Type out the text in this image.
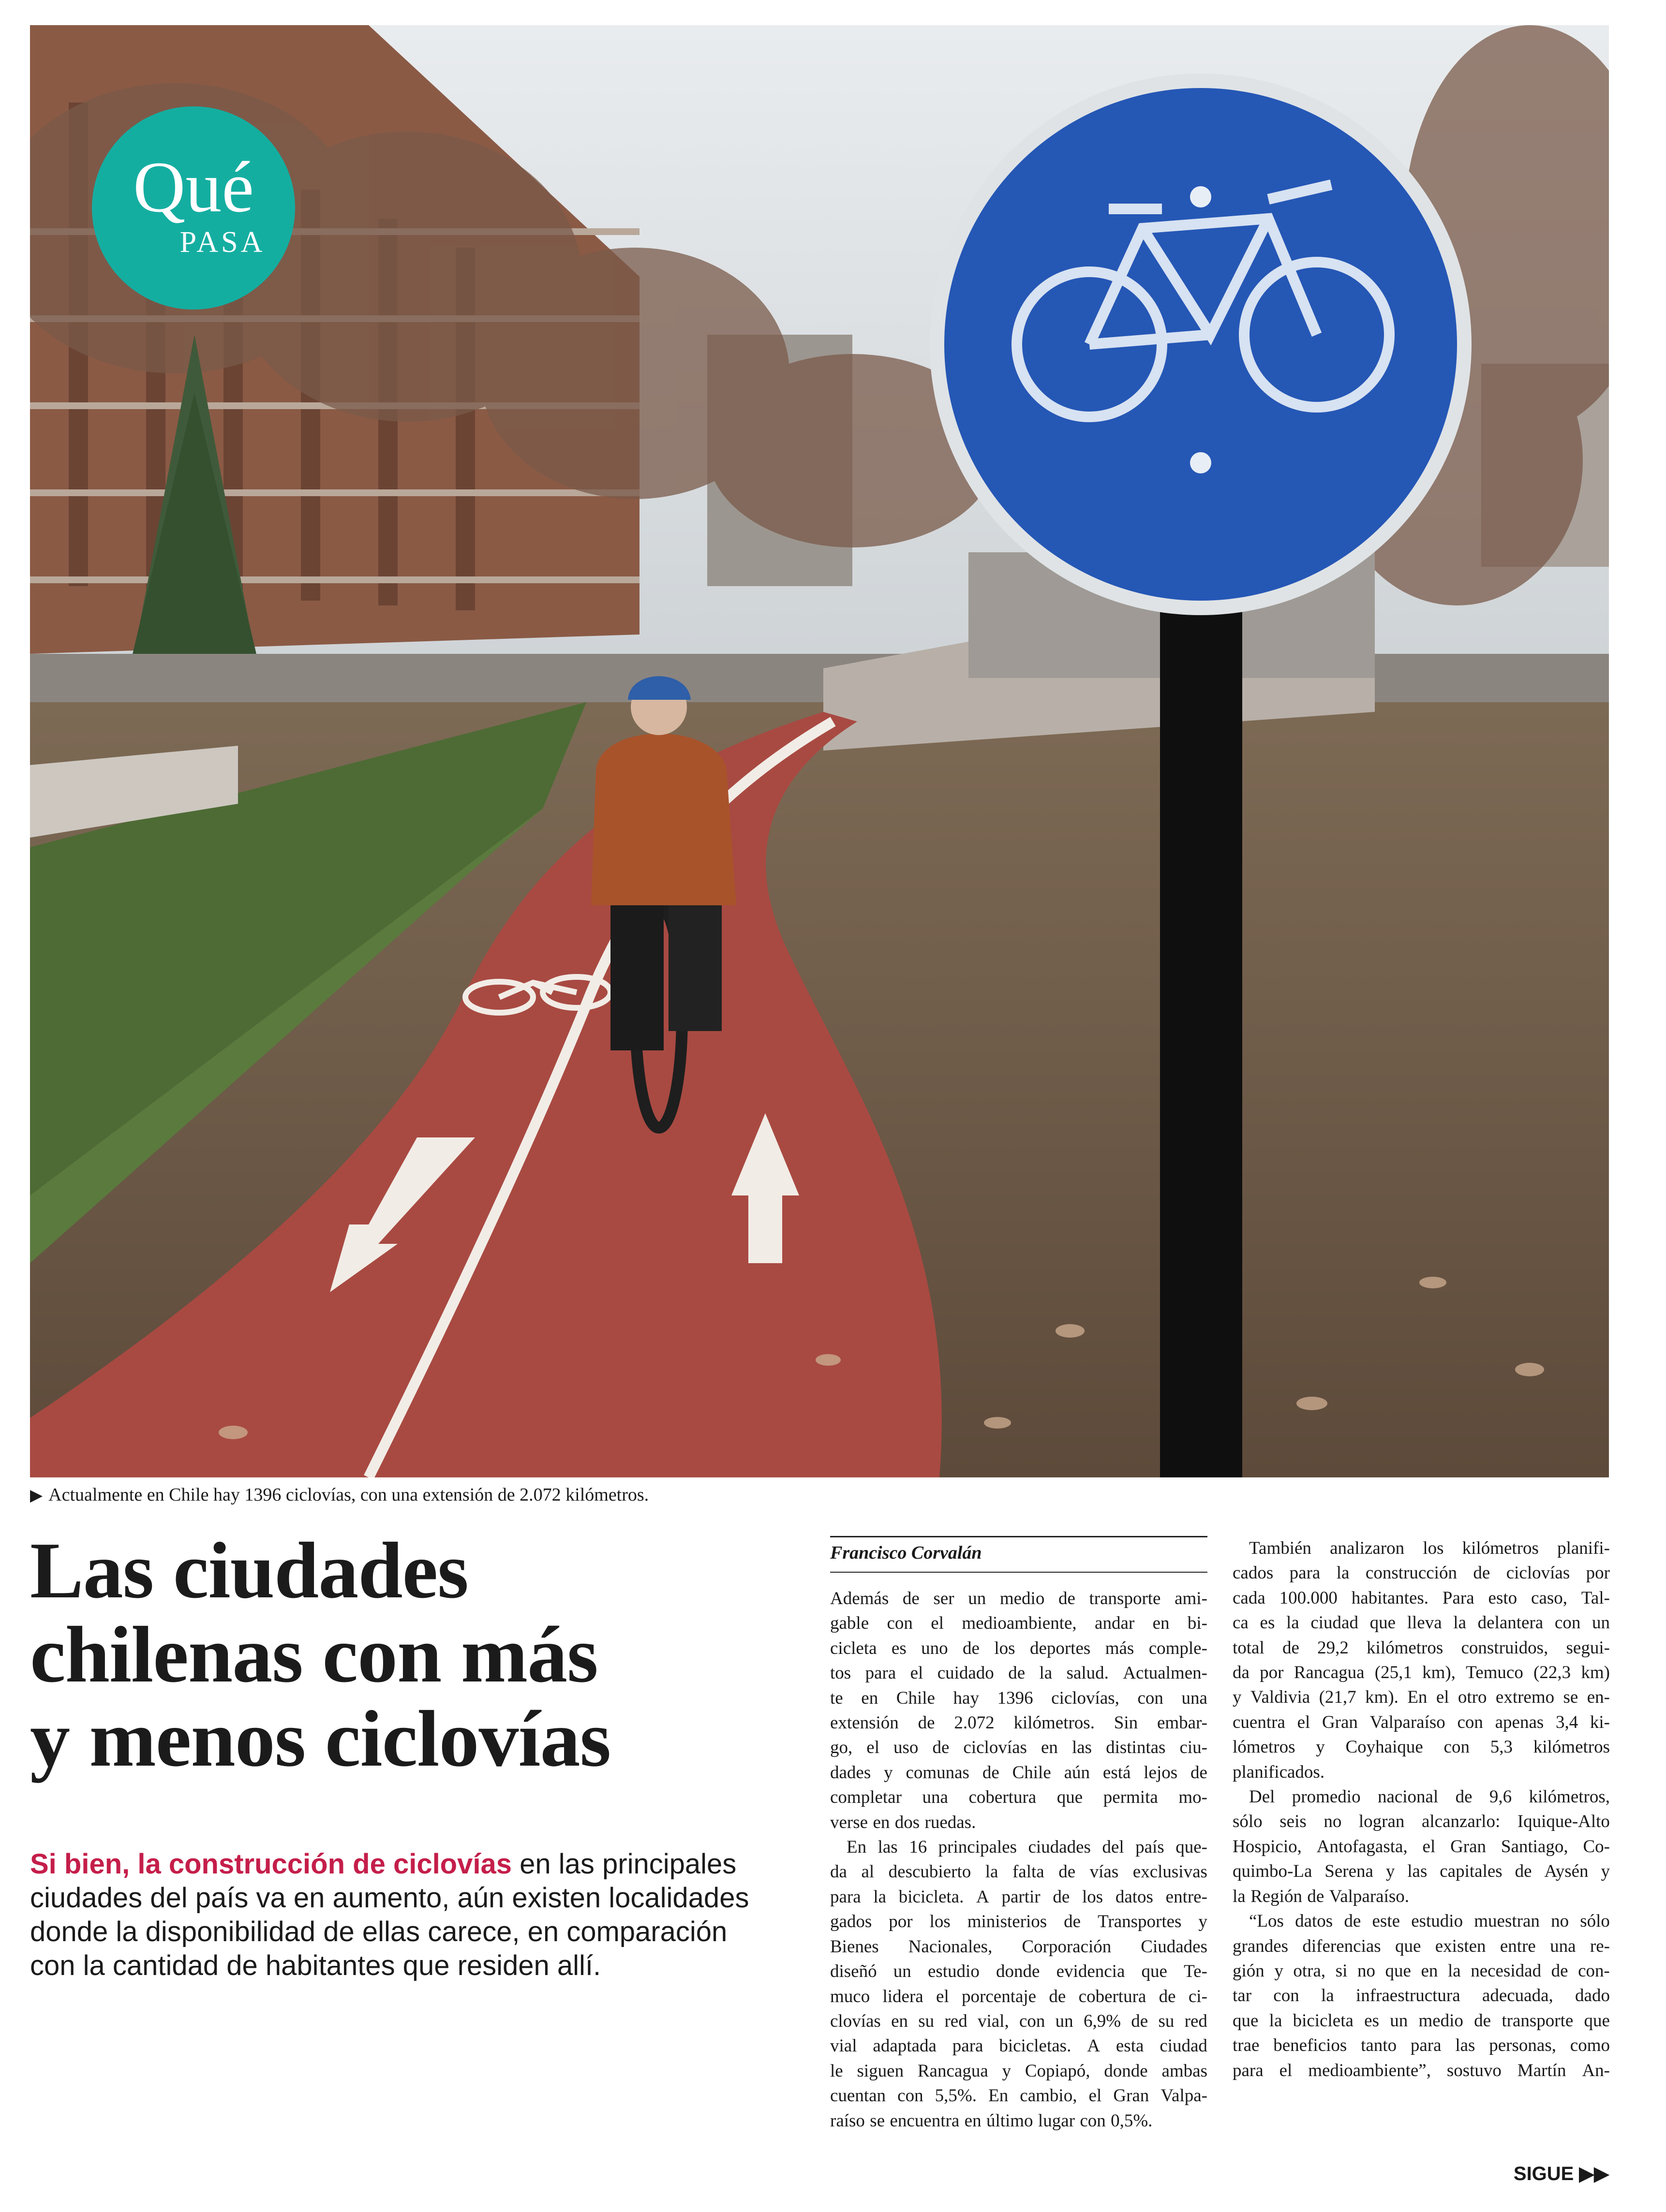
Qué
PASA
▶ Actualmente en Chile hay 1396 ciclovías, con una extensión de 2.072 kilómetros.
Las ciudades
chilenas con más
y menos ciclovías
Si bien, la construcción de ciclovías en las principales
ciudades del país va en aumento, aún existen localidades
donde la disponibilidad de ellas carece, en comparación
con la cantidad de habitantes que residen allí.
Francisco Corvalán
Además de ser un medio de transporte ami-
gable con el medioambiente, andar en bi-
cicleta es uno de los deportes más comple-
tos para el cuidado de la salud. Actualmen-
te en Chile hay 1396 ciclovías, con una
extensión de 2.072 kilómetros. Sin embar-
go, el uso de ciclovías en las distintas ciu-
dades y comunas de Chile aún está lejos de
completar una cobertura que permita mo-
verse en dos ruedas.
En las 16 principales ciudades del país que-
da al descubierto la falta de vías exclusivas
para la bicicleta. A partir de los datos entre-
gados por los ministerios de Transportes y
Bienes Nacionales, Corporación Ciudades
diseñó un estudio donde evidencia que Te-
muco lidera el porcentaje de cobertura de ci-
clovías en su red vial, con un 6,9% de su red
vial adaptada para bicicletas. A esta ciudad
le siguen Rancagua y Copiapó, donde ambas
cuentan con 5,5%. En cambio, el Gran Valpa-
raíso se encuentra en último lugar con 0,5%.
También analizaron los kilómetros planifi-
cados para la construcción de ciclovías por
cada 100.000 habitantes. Para esto caso, Tal-
ca es la ciudad que lleva la delantera con un
total de 29,2 kilómetros construidos, segui-
da por Rancagua (25,1 km), Temuco (22,3 km)
y Valdivia (21,7 km). En el otro extremo se en-
cuentra el Gran Valparaíso con apenas 3,4 ki-
lómetros y Coyhaique con 5,3 kilómetros
planificados.
Del promedio nacional de 9,6 kilómetros,
sólo seis no logran alcanzarlo: Iquique-Alto
Hospicio, Antofagasta, el Gran Santiago, Co-
quimbo-La Serena y las capitales de Aysén y
la Región de Valparaíso.
“Los datos de este estudio muestran no sólo
grandes diferencias que existen entre una re-
gión y otra, si no que en la necesidad de con-
tar con la infraestructura adecuada, dado
que la bicicleta es un medio de transporte que
trae beneficios tanto para las personas, como
para el medioambiente”, sostuvo Martín An-
SIGUE ▶▶
